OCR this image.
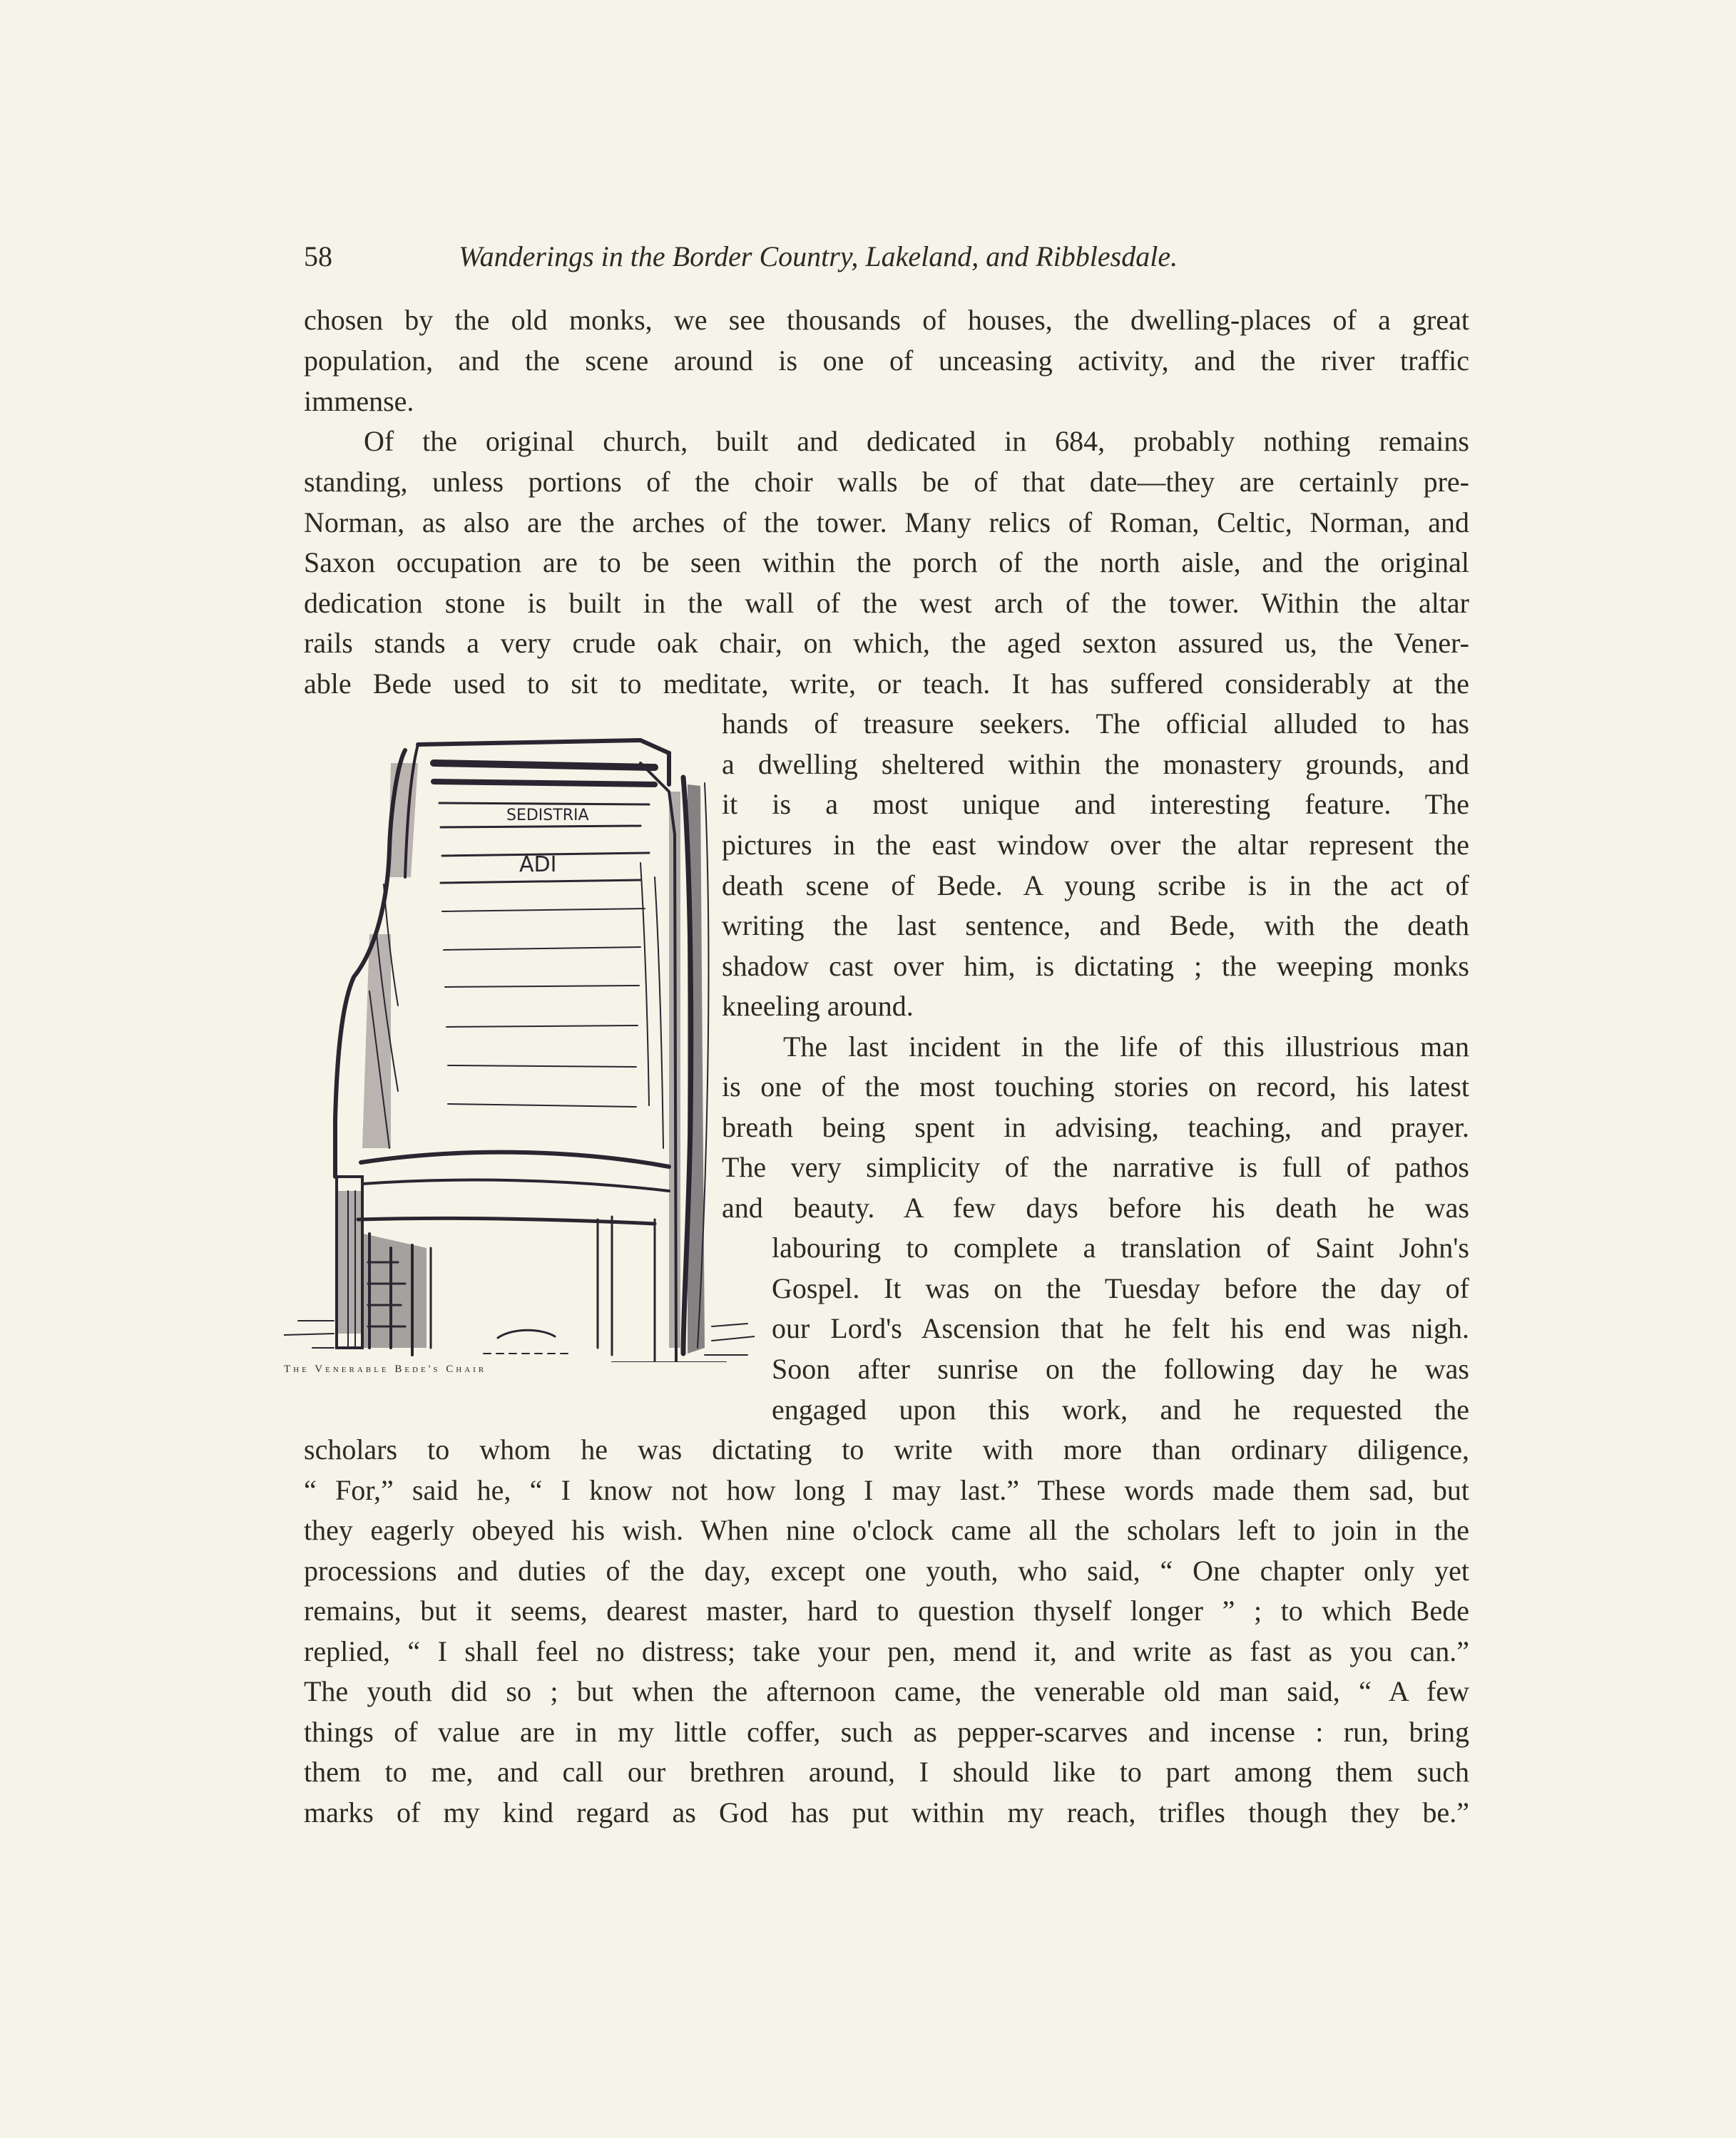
58	Wanderings in the Border Country, Lakeland, and Ribblesdale.
chosen by the old monks, we see thousands of houses, the dwelling-places of a great
population, and the scene around is one of unceasing activity, and the river traffic
immense.
Of the original church, built and dedicated in 684, probably nothing remains
standing, unless portions of the choir walls be of that date—they are certainly pre-
Norman, as also are the arches of the tower. Many relics of Roman, Celtic, Norman, and
Saxon occupation are to be seen within the porch of the north aisle, and the original
dedication stone is built in the wall of the west arch of the tower. Within the altar
rails stands a very crude oak chair, on which, the aged sexton assured us, the Vener-
able Bede used to sit to meditate, write, or teach. It has suffered considerably at the
hands of treasure seekers. The official alluded to has
a dwelling sheltered within the monastery grounds, and
it is a most unique and interesting feature. The
pictures in the east window over the altar represent the
death scene of Bede. A young scribe is in the act of
writing the last sentence, and Bede, with the death
shadow cast over him, is dictating ; the weeping monks
kneeling around.
The last incident in the life of this illustrious man
is one of the most touching stories on record, his latest
breath being spent in advising, teaching, and prayer.
The very simplicity of the narrative is full of pathos
and beauty. A few days before his death he was
labouring to complete a translation of Saint John's
Gospel. It was on the Tuesday before the day of
our Lord's Ascension that he felt his end was nigh.
Soon after sunrise on the following day he was
engaged upon this work, and he requested the
scholars to whom he was dictating to write with more than ordinary diligence,
“ For,” said he, “ I know not how long I may last.” These words made them sad, but
they eagerly obeyed his wish. When nine o'clock came all the scholars left to join in the
processions and duties of the day, except one youth, who said, “ One chapter only yet
remains, but it seems, dearest master, hard to question thyself longer ” ; to which Bede
replied, “ I shall feel no distress; take your pen, mend it, and write as fast as you can.”
The youth did so ; but when the afternoon came, the venerable old man said, “ A few
things of value are in my little coffer, such as pepper-scarves and incense : run, bring
them to me, and call our brethren around, I should like to part among them such
marks of my kind regard as God has put within my reach, trifles though they be.”
SEDISTRIA
ADI
The Venerable Bede's Chair
